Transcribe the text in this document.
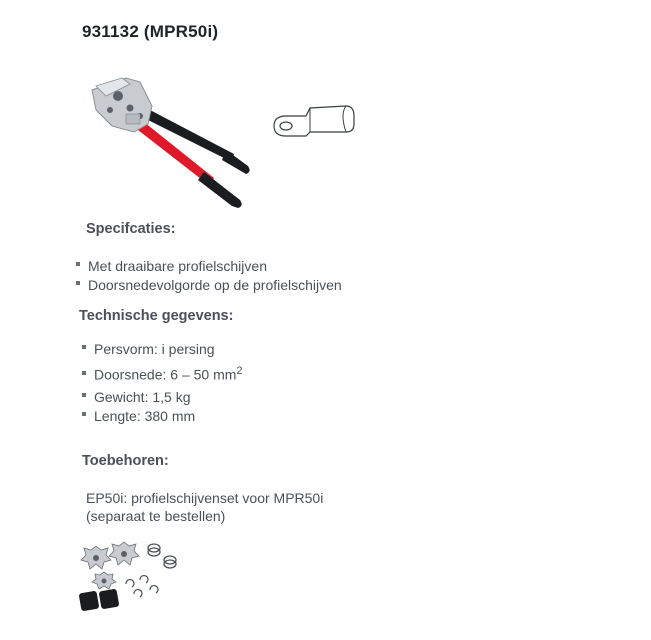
931132 (MPR50i)
Specifcaties:
Met draaibare profielschijven
Doorsnedevolgorde op de profielschijven
Technische gegevens:
Persvorm: i persing
Doorsnede: 6 – 50 $mm^2$
Gewicht: 1,5 kg
Lengte: 380 mm
Toebehoren:
EP50i: profielschijvenset voor MPR50i
(separaat te bestellen)
